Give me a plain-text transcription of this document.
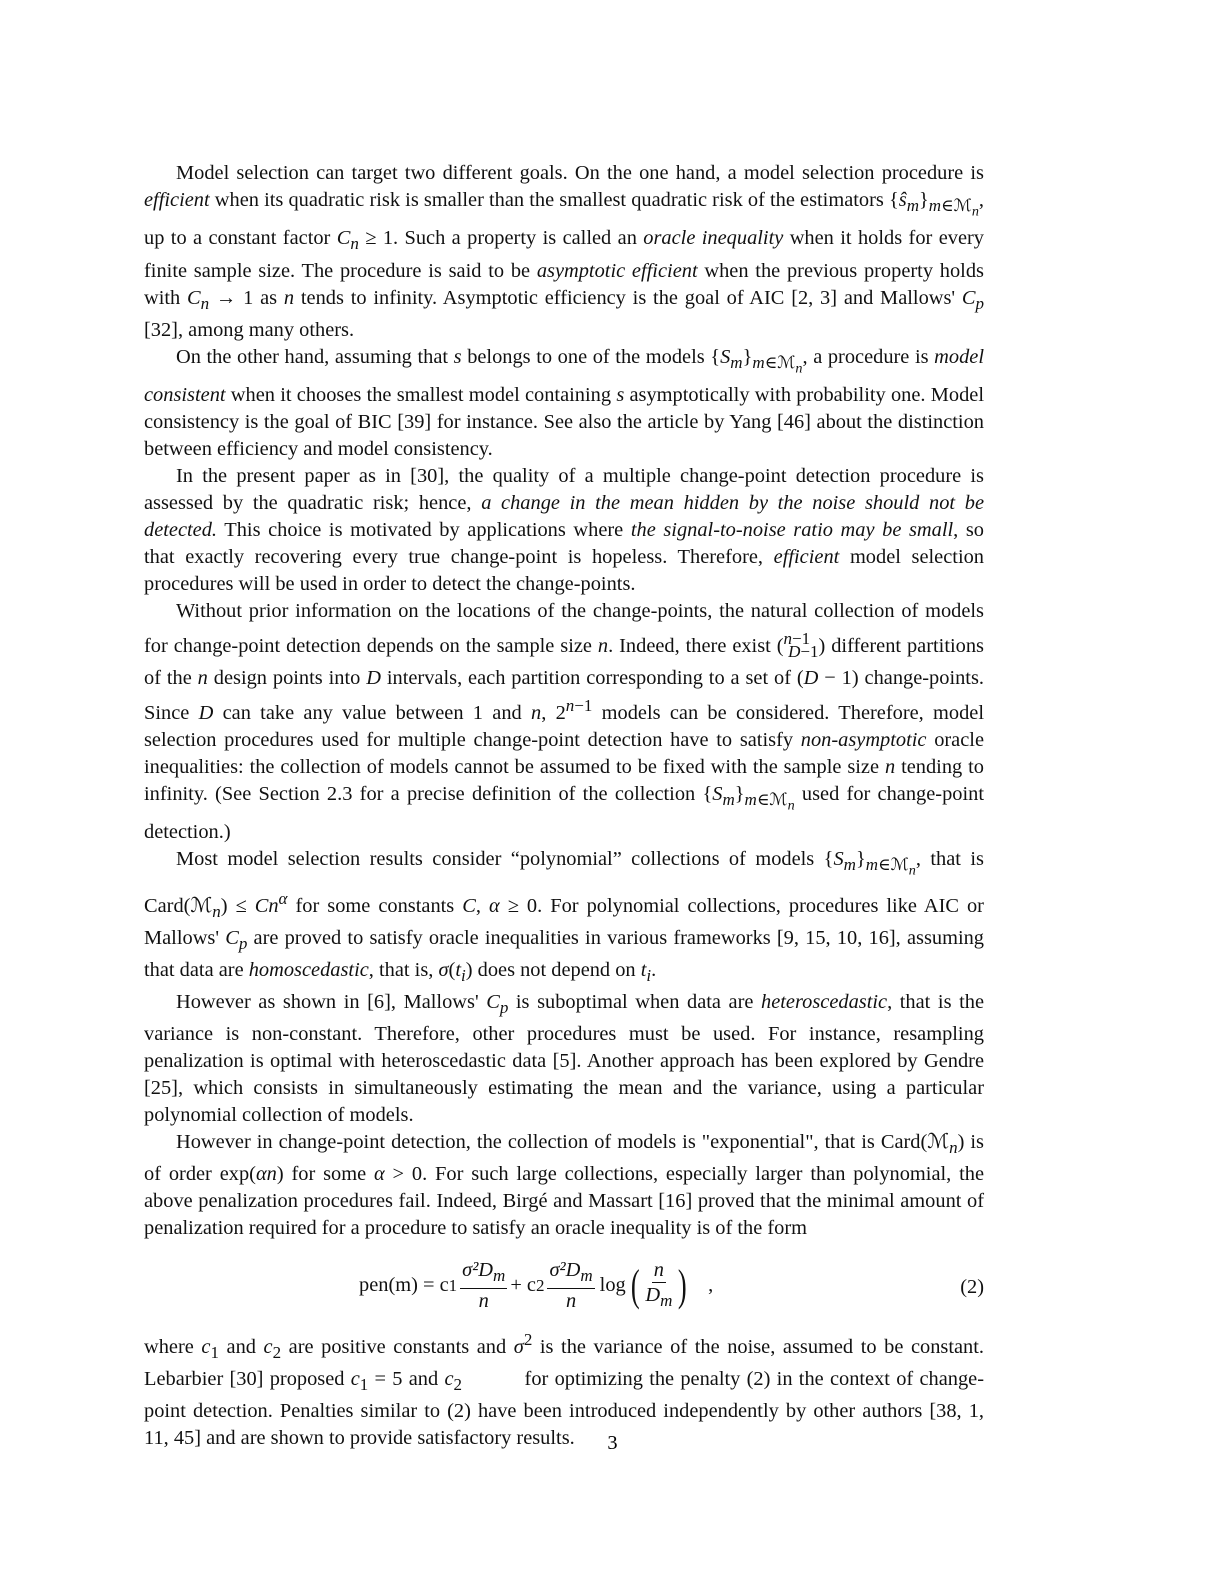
Model selection can target two different goals. On the one hand, a model selection procedure is efficient when its quadratic risk is smaller than the smallest quadratic risk of the estimators $\{ŝ_m\}_{m\in ℳ_n}$, up to a constant factor $C_n \ge 1$. Such a property is called an oracle inequality when it holds for every finite sample size. The procedure is said to be asymptotic efficient when the previous property holds with $C_n \to 1$ as n tends to infinity. Asymptotic efficiency is the goal of AIC [2, 3] and Mallows' $C_p$ [32], among many others.

On the other hand, assuming that s belongs to one of the models $\{S_m\}_{m\in ℳ_n}$, a procedure is model consistent when it chooses the smallest model containing s asymptotically with probability one. Model consistency is the goal of BIC [39] for instance. See also the article by Yang [46] about the distinction between efficiency and model consistency.

In the present paper as in [30], the quality of a multiple change-point detection procedure is assessed by the quadratic risk; hence, a change in the mean hidden by the noise should not be detected. This choice is motivated by applications where the signal-to-noise ratio may be small, so that exactly recovering every true change-point is hopeless. Therefore, efficient model selection procedures will be used in order to detect the change-points.

Without prior information on the locations of the change-points, the natural collection of models for change-point detection depends on the sample size n. Indeed, there exist ($^{n-1}_{D-1}$) different partitions of the n design points into D intervals, each partition corresponding to a set of (D − 1) change-points. Since D can take any value between 1 and n, $2^{n-1}$ models can be considered. Therefore, model selection procedures used for multiple change-point detection have to satisfy non-asymptotic oracle inequalities: the collection of models cannot be assumed to be fixed with the sample size n tending to infinity. (See Section 2.3 for a precise definition of the collection $\{S_m\}_{m\in ℳ_n}$ used for change-point detection.)

Most model selection results consider “polynomial” collections of models $\{S_m\}_{m\in ℳ_n}$, that is Card(ℳ$_n$) ≤ $Cn^\alpha$ for some constants C, α ≥ 0. For polynomial collections, procedures like AIC or Mallows' $C_p$ are proved to satisfy oracle inequalities in various frameworks [9, 15, 10, 16], assuming that data are homoscedastic, that is, $\sigma(t_i)$ does not depend on $t_i$.

However as shown in [6], Mallows' $C_p$ is suboptimal when data are heteroscedastic, that is the variance is non-constant. Therefore, other procedures must be used. For instance, resampling penalization is optimal with heteroscedastic data [5]. Another approach has been explored by Gendre [25], which consists in simultaneously estimating the mean and the variance, using a particular polynomial collection of models.

However in change-point detection, the collection of models is "exponential", that is Card(ℳ$_n$) is of order exp(αn) for some α > 0. For such large collections, especially larger than polynomial, the above penalization procedures fail. Indeed, Birgé and Massart [16] proved that the minimal amount of penalization required for a procedure to satisfy an oracle inequality is of the form

pen(m) = c $1 \frac{\sigma^2D_m}{n} + c$ $2 \frac{\sigma^2D_m}{n}$ log ( $\frac{n}{D_m}$ ) ,	(2)

where $c_1$ and $c_2$ are positive constants and $\sigma^2$ is the variance of the noise, assumed to be constant. Lebarbier [30] proposed $c_1 = 5$ and $c_2$          for optimizing the penalty (2) in the context of change-point detection. Penalties similar to (2) have been introduced independently by other authors [38, 1, 11, 45] and are shown to provide satisfactory results.	3
